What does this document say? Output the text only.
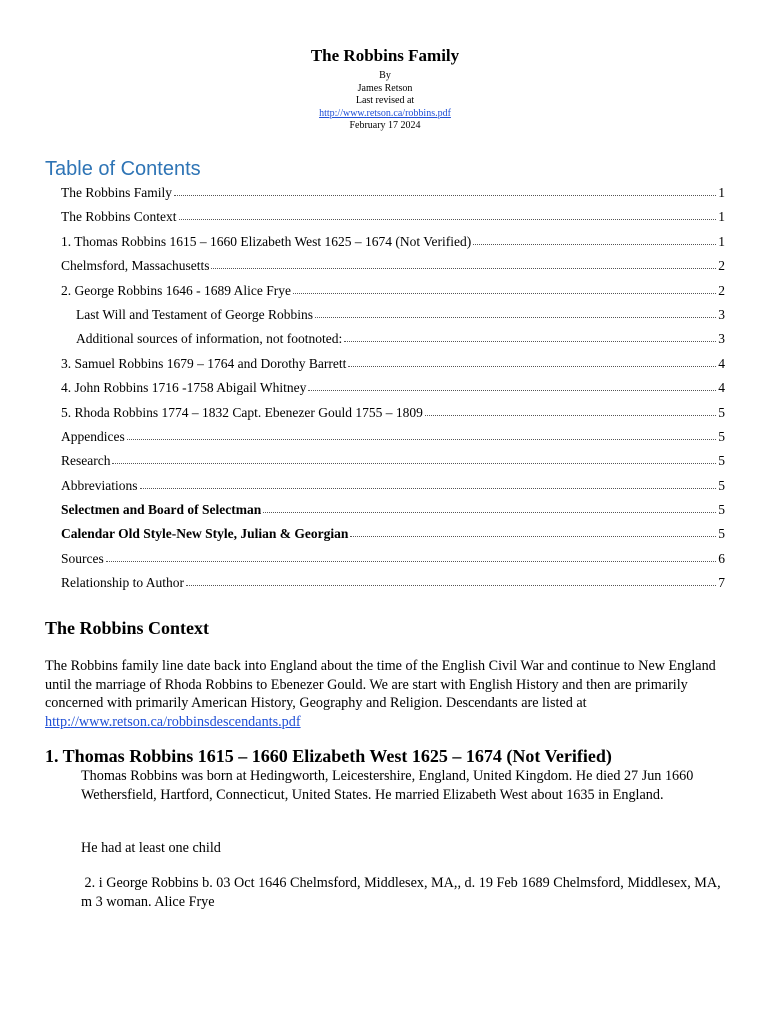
The Robbins Family
By
James Retson
Last revised at
http://www.retson.ca/robbins.pdf
February 17 2024
Table of Contents
The Robbins Family	1
The Robbins Context	1
1. Thomas Robbins 1615 – 1660 Elizabeth West 1625 – 1674 (Not Verified)	1
Chelmsford, Massachusetts	2
2. George Robbins 1646 - 1689 Alice Frye	2
Last Will and Testament of George Robbins	3
Additional sources of information, not footnoted:	3
3. Samuel Robbins 1679 – 1764 and Dorothy Barrett	4
4. John Robbins 1716 -1758 Abigail Whitney	4
5. Rhoda Robbins 1774 – 1832 Capt. Ebenezer Gould 1755 – 1809	5
Appendices	5
Research	5
Abbreviations	5
Selectmen and Board of Selectman	5
Calendar Old Style-New Style, Julian & Georgian	5
Sources	6
Relationship to Author	7
The Robbins Context

The Robbins family line date back into England about the time of the English Civil War and continue to New England until the marriage of Rhoda Robbins to Ebenezer Gould. We are start with English History and then are primarily concerned with primarily American History, Geography and Religion. Descendants are listed at http://www.retson.ca/robbinsdescendants.pdf

1. Thomas Robbins 1615 – 1660 Elizabeth West 1625 – 1674 (Not Verified)

Thomas Robbins was born at Hedingworth, Leicestershire, England, United Kingdom. He died 27 Jun 1660 Wethersfield, Hartford, Connecticut, United States. He married Elizabeth West about 1635 in England.

He had at least one child

2. i George Robbins b. 03 Oct 1646 Chelmsford, Middlesex, MA,, d. 19 Feb 1689 Chelmsford, Middlesex, MA, m 3 woman. Alice Frye
